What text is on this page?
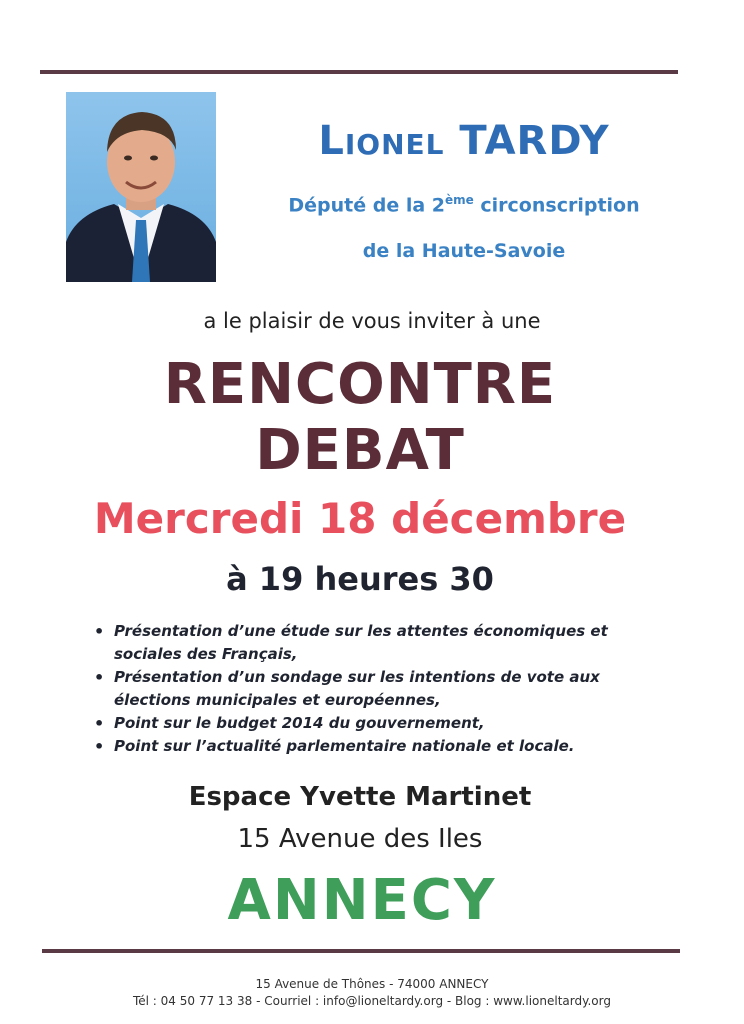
Lionel TARDY
Député de la 2ème circonscription
de la Haute-Savoie
a le plaisir de vous inviter à une
RENCONTRE
DEBAT
Mercredi 18 décembre
à 19 heures 30
• Présentation d’une étude sur les attentes économiques et sociales des Français,
• Présentation d’un sondage sur les intentions de vote aux élections municipales et européennes,
• Point sur le budget 2014 du gouvernement,
• Point sur l’actualité parlementaire nationale et locale.
Espace Yvette Martinet
15 Avenue des Iles
ANNECY
15 Avenue de Thônes - 74000 ANNECY
Tél : 04 50 77 13 38 - Courriel : info@lioneltardy.org - Blog : www.lioneltardy.org
